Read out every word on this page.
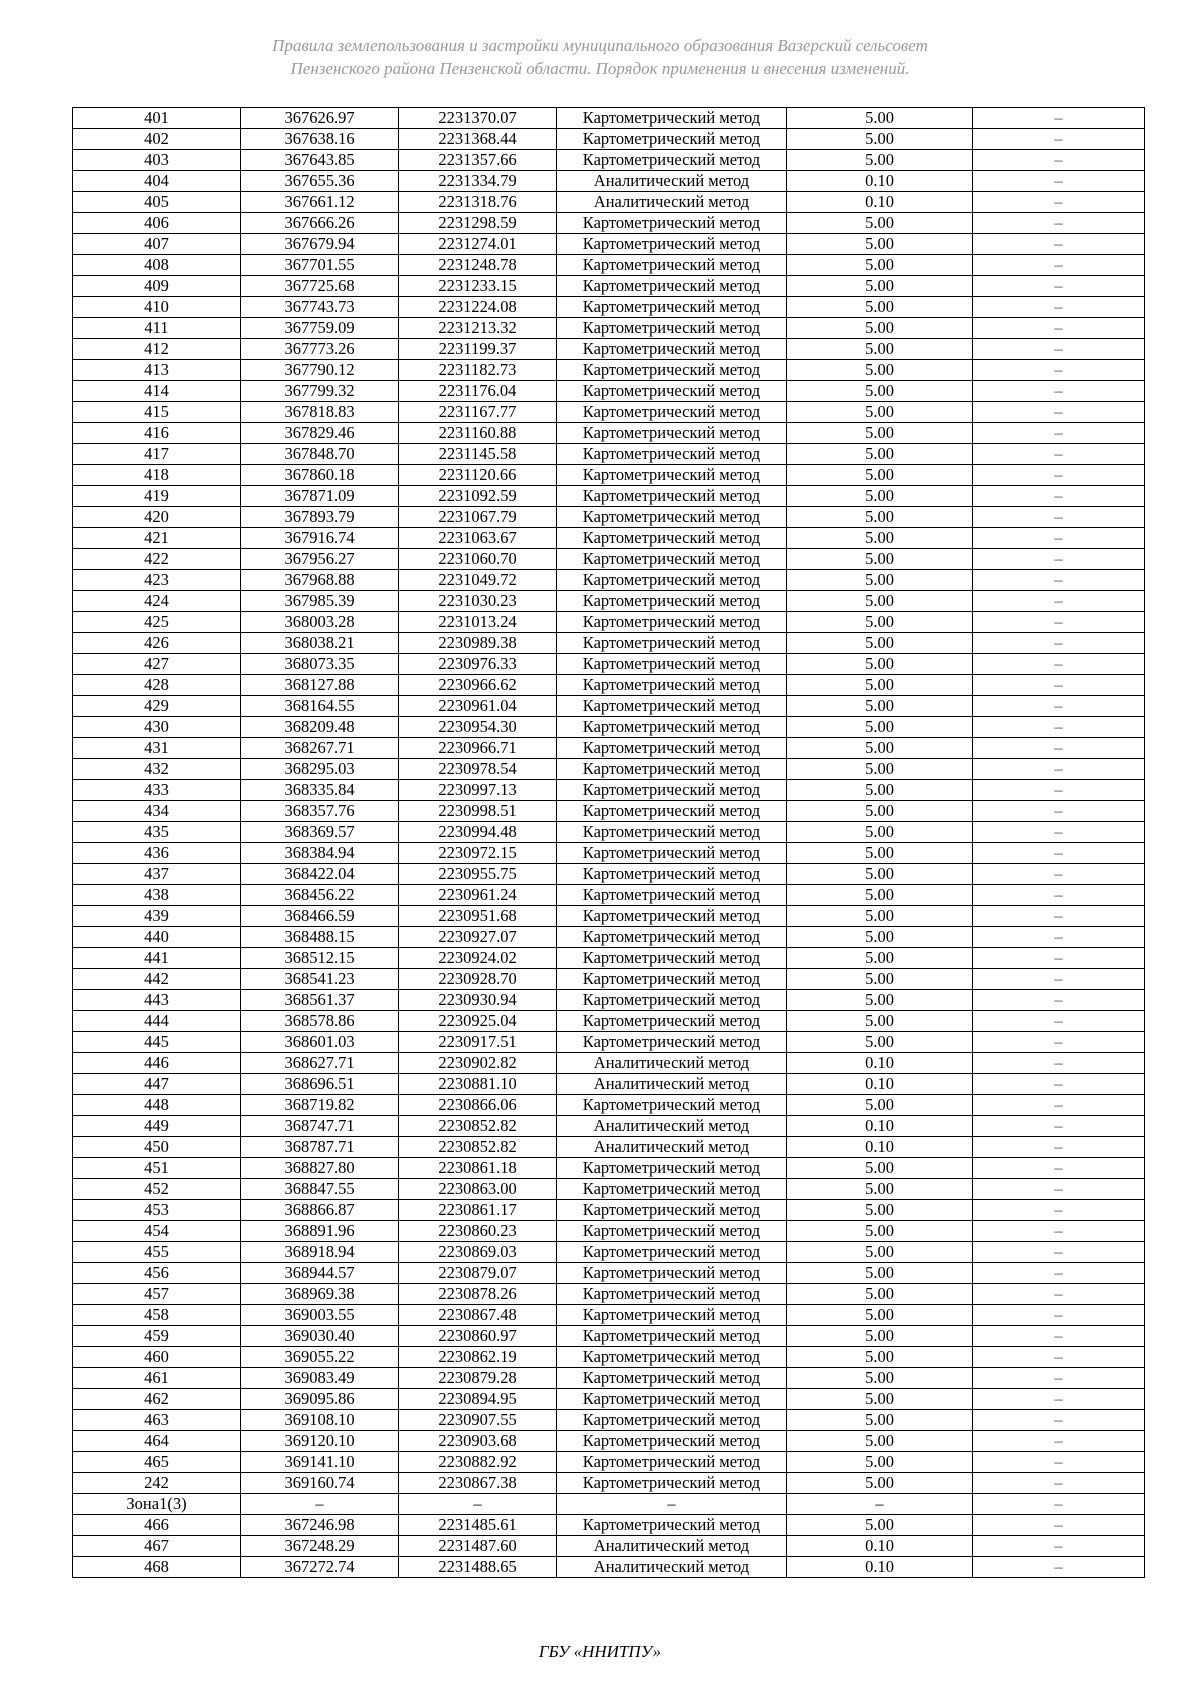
Правила землепользования и застройки муниципального образования Вазерский сельсовет
Пензенского района Пензенской области. Порядок применения и внесения изменений.
401	367626.97	2231370.07	Картометрический метод	5.00	–
402	367638.16	2231368.44	Картометрический метод	5.00	–
403	367643.85	2231357.66	Картометрический метод	5.00	–
404	367655.36	2231334.79	Аналитический метод	0.10	–
405	367661.12	2231318.76	Аналитический метод	0.10	–
406	367666.26	2231298.59	Картометрический метод	5.00	–
407	367679.94	2231274.01	Картометрический метод	5.00	–
408	367701.55	2231248.78	Картометрический метод	5.00	–
409	367725.68	2231233.15	Картометрический метод	5.00	–
410	367743.73	2231224.08	Картометрический метод	5.00	–
411	367759.09	2231213.32	Картометрический метод	5.00	–
412	367773.26	2231199.37	Картометрический метод	5.00	–
413	367790.12	2231182.73	Картометрический метод	5.00	–
414	367799.32	2231176.04	Картометрический метод	5.00	–
415	367818.83	2231167.77	Картометрический метод	5.00	–
416	367829.46	2231160.88	Картометрический метод	5.00	–
417	367848.70	2231145.58	Картометрический метод	5.00	–
418	367860.18	2231120.66	Картометрический метод	5.00	–
419	367871.09	2231092.59	Картометрический метод	5.00	–
420	367893.79	2231067.79	Картометрический метод	5.00	–
421	367916.74	2231063.67	Картометрический метод	5.00	–
422	367956.27	2231060.70	Картометрический метод	5.00	–
423	367968.88	2231049.72	Картометрический метод	5.00	–
424	367985.39	2231030.23	Картометрический метод	5.00	–
425	368003.28	2231013.24	Картометрический метод	5.00	–
426	368038.21	2230989.38	Картометрический метод	5.00	–
427	368073.35	2230976.33	Картометрический метод	5.00	–
428	368127.88	2230966.62	Картометрический метод	5.00	–
429	368164.55	2230961.04	Картометрический метод	5.00	–
430	368209.48	2230954.30	Картометрический метод	5.00	–
431	368267.71	2230966.71	Картометрический метод	5.00	–
432	368295.03	2230978.54	Картометрический метод	5.00	–
433	368335.84	2230997.13	Картометрический метод	5.00	–
434	368357.76	2230998.51	Картометрический метод	5.00	–
435	368369.57	2230994.48	Картометрический метод	5.00	–
436	368384.94	2230972.15	Картометрический метод	5.00	–
437	368422.04	2230955.75	Картометрический метод	5.00	–
438	368456.22	2230961.24	Картометрический метод	5.00	–
439	368466.59	2230951.68	Картометрический метод	5.00	–
440	368488.15	2230927.07	Картометрический метод	5.00	–
441	368512.15	2230924.02	Картометрический метод	5.00	–
442	368541.23	2230928.70	Картометрический метод	5.00	–
443	368561.37	2230930.94	Картометрический метод	5.00	–
444	368578.86	2230925.04	Картометрический метод	5.00	–
445	368601.03	2230917.51	Картометрический метод	5.00	–
446	368627.71	2230902.82	Аналитический метод	0.10	–
447	368696.51	2230881.10	Аналитический метод	0.10	–
448	368719.82	2230866.06	Картометрический метод	5.00	–
449	368747.71	2230852.82	Аналитический метод	0.10	–
450	368787.71	2230852.82	Аналитический метод	0.10	–
451	368827.80	2230861.18	Картометрический метод	5.00	–
452	368847.55	2230863.00	Картометрический метод	5.00	–
453	368866.87	2230861.17	Картометрический метод	5.00	–
454	368891.96	2230860.23	Картометрический метод	5.00	–
455	368918.94	2230869.03	Картометрический метод	5.00	–
456	368944.57	2230879.07	Картометрический метод	5.00	–
457	368969.38	2230878.26	Картометрический метод	5.00	–
458	369003.55	2230867.48	Картометрический метод	5.00	–
459	369030.40	2230860.97	Картометрический метод	5.00	–
460	369055.22	2230862.19	Картометрический метод	5.00	–
461	369083.49	2230879.28	Картометрический метод	5.00	–
462	369095.86	2230894.95	Картометрический метод	5.00	–
463	369108.10	2230907.55	Картометрический метод	5.00	–
464	369120.10	2230903.68	Картометрический метод	5.00	–
465	369141.10	2230882.92	Картометрический метод	5.00	–
242	369160.74	2230867.38	Картометрический метод	5.00	–
Зона1(3)	–	–	–	–	–
466	367246.98	2231485.61	Картометрический метод	5.00	–
467	367248.29	2231487.60	Аналитический метод	0.10	–
468	367272.74	2231488.65	Аналитический метод	0.10	–
ГБУ «ННИТПУ»
